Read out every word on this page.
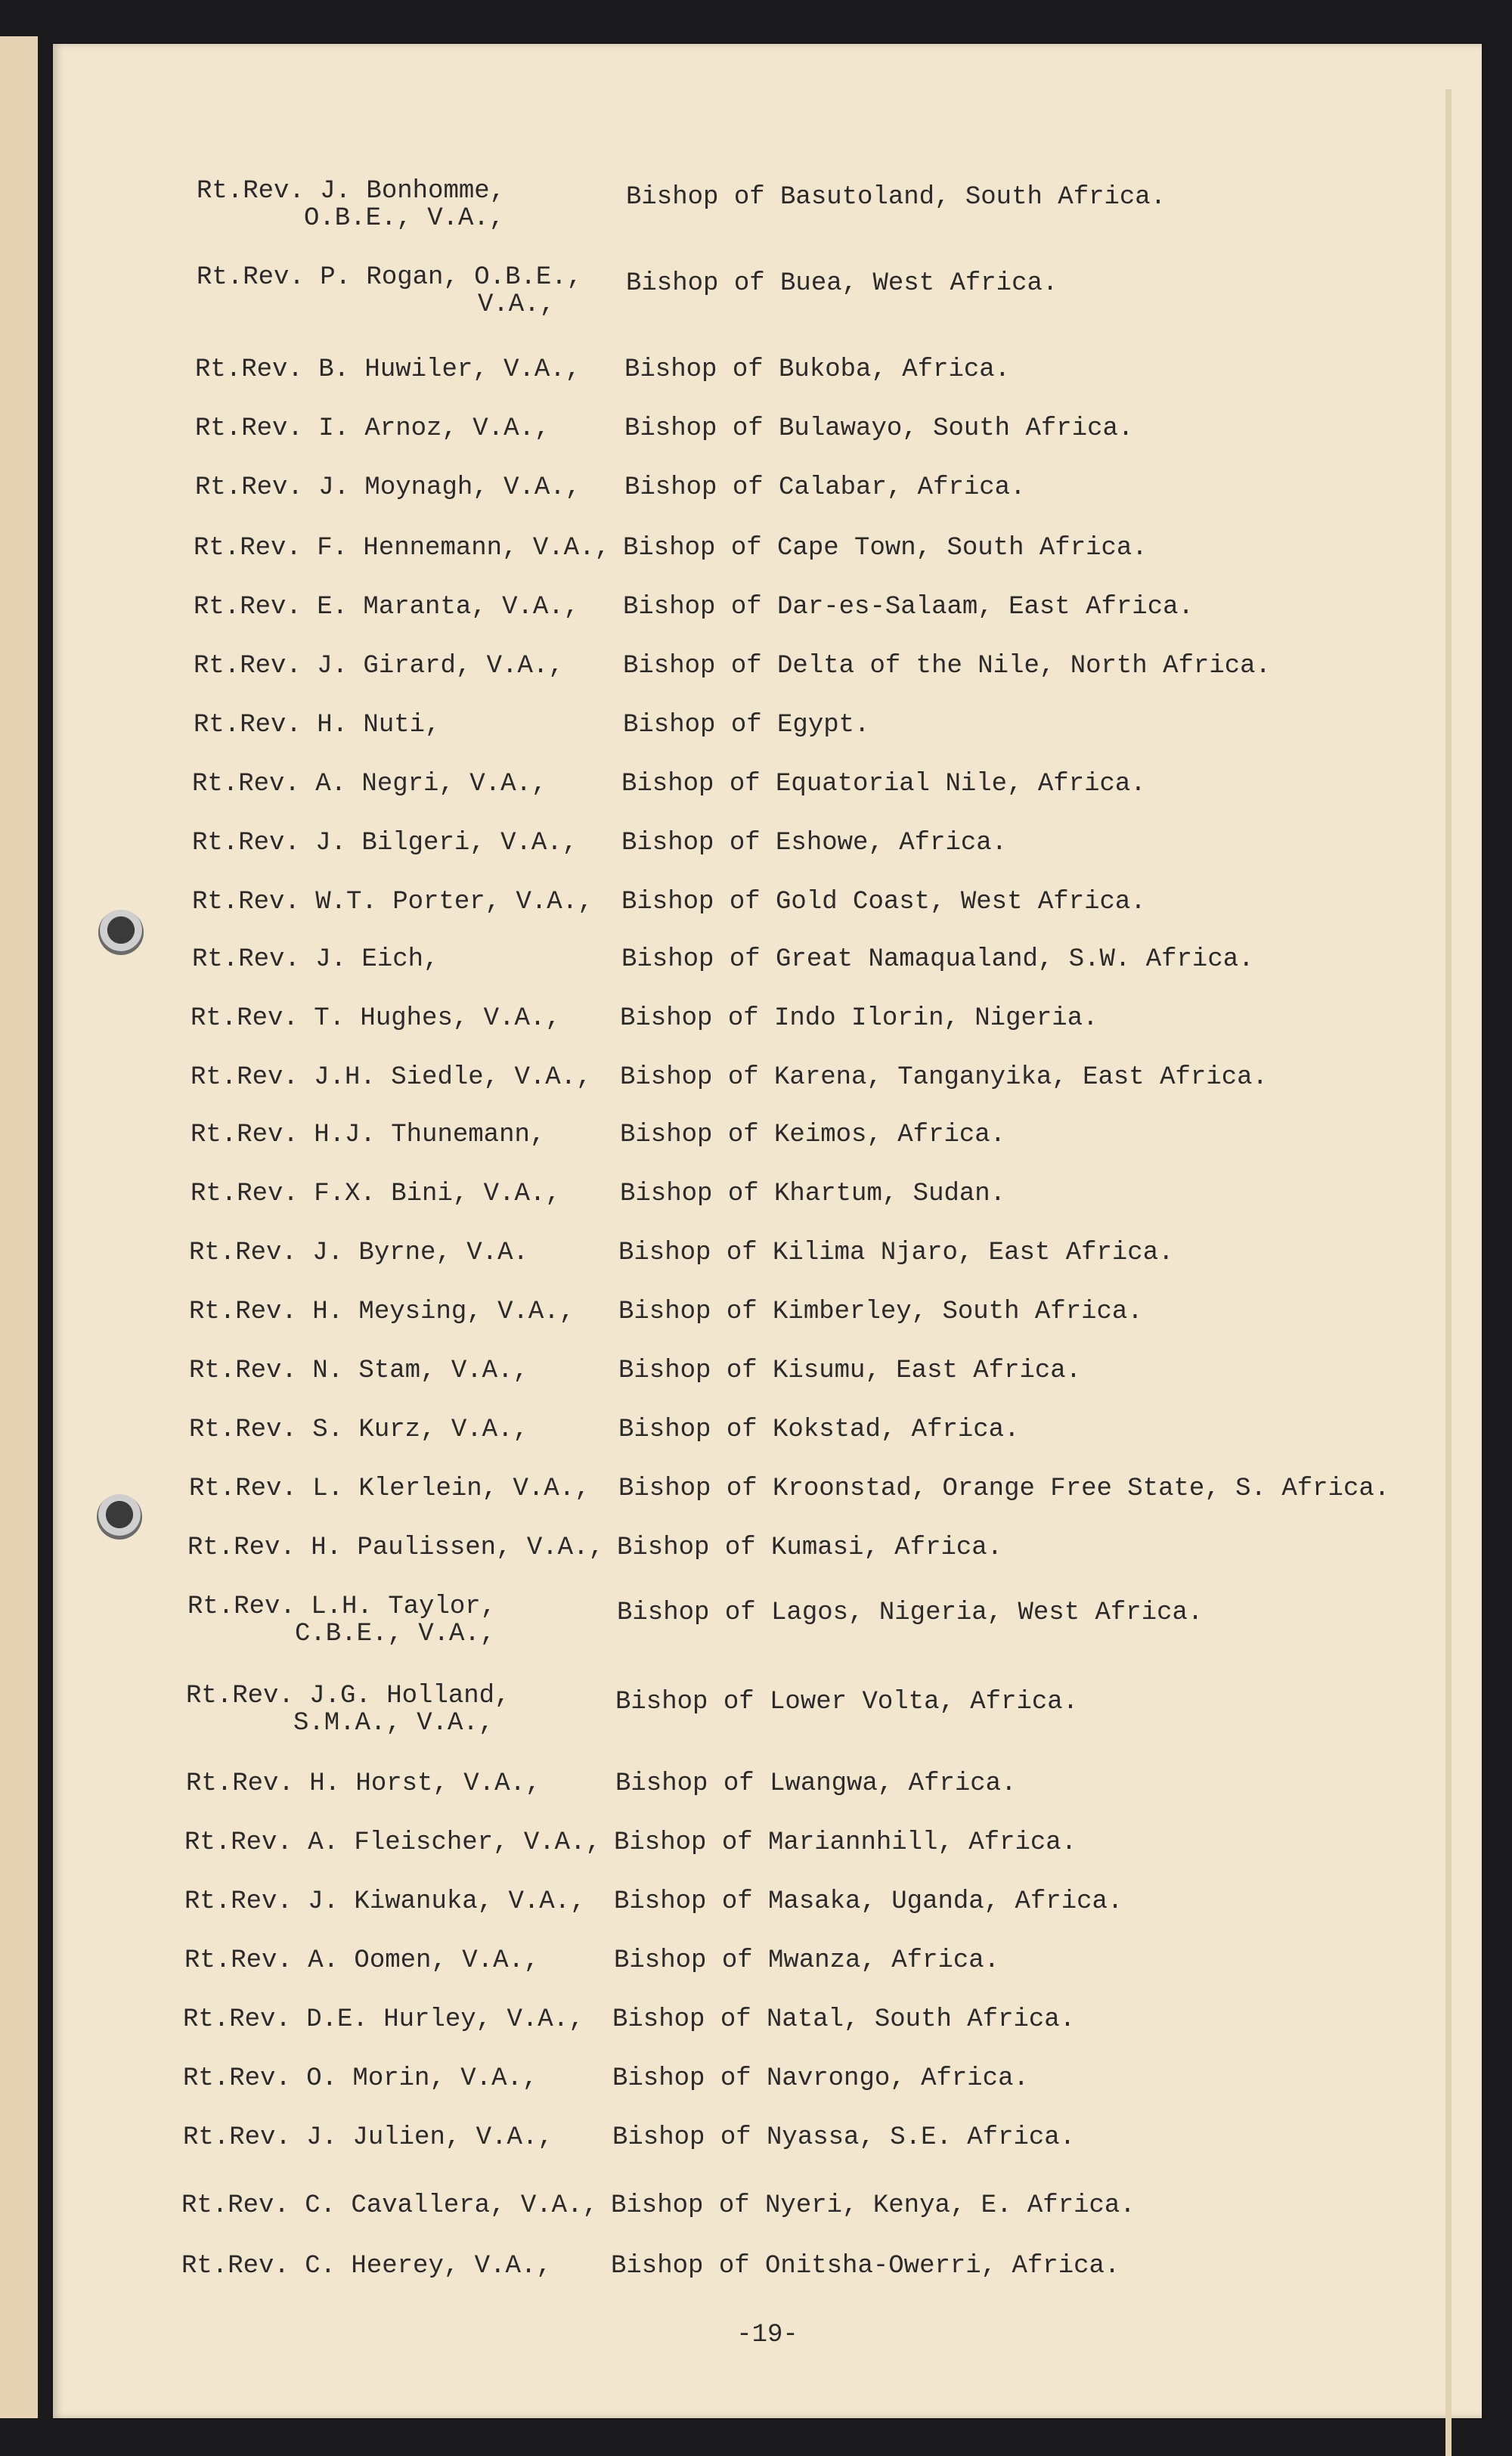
Rt.Rev. J. Bonhomme,
O.B.E., V.A.,
Bishop of Basutoland, South Africa.
Rt.Rev. P. Rogan, O.B.E.,
V.A.,
Bishop of Buea, West Africa.
Rt.Rev. B. Huwiler, V.A., Bishop of Bukoba, Africa.
Rt.Rev. I. Arnoz, V.A.,	Bishop of Bulawayo, South Africa.
Rt.Rev. J. Moynagh, V.A., Bishop of Calabar, Africa.
Rt.Rev. F. Hennemann, V.A., Bishop of Cape Town, South Africa.
Rt.Rev. E. Maranta, V.A., Bishop of Dar-es-Salaam, East Africa.
Rt.Rev. J. Girard, V.A., Bishop of Delta of the Nile, North Africa.
Rt.Rev. H. Nuti,	Bishop of Egypt.
Rt.Rev. A. Negri, V.A.,	Bishop of Equatorial Nile, Africa.
Rt.Rev. J. Bilgeri, V.A., Bishop of Eshowe, Africa.
Rt.Rev. W.T. Porter, V.A., Bishop of Gold Coast, West Africa.
Rt.Rev. J. Eich,	Bishop of Great Namaqualand, S.W. Africa.
Rt.Rev. T. Hughes, V.A., Bishop of Indo Ilorin, Nigeria.
Rt.Rev. J.H. Siedle, V.A., Bishop of Karena, Tanganyika, East Africa.
Rt.Rev. H.J. Thunemann,	Bishop of Keimos, Africa.
Rt.Rev. F.X. Bini, V.A., Bishop of Khartum, Sudan.
Rt.Rev. J. Byrne, V.A.	Bishop of Kilima Njaro, East Africa.
Rt.Rev. H. Meysing, V.A., Bishop of Kimberley, South Africa.
Rt.Rev. N. Stam, V.A.,	Bishop of Kisumu, East Africa.
Rt.Rev. S. Kurz, V.A.,	Bishop of Kokstad, Africa.
Rt.Rev. L. Klerlein, V.A., Bishop of Kroonstad, Orange Free State, S. Africa.
Rt.Rev. H. Paulissen, V.A., Bishop of Kumasi, Africa.
Rt.Rev. L.H. Taylor,
C.B.E., V.A.,
Bishop of Lagos, Nigeria, West Africa.
Rt.Rev. J.G. Holland,
S.M.A., V.A.,
Bishop of Lower Volta, Africa.
Rt.Rev. H. Horst, V.A.,	Bishop of Lwangwa, Africa.
Rt.Rev. A. Fleischer, V.A., Bishop of Mariannhill, Africa.
Rt.Rev. J. Kiwanuka, V.A., Bishop of Masaka, Uganda, Africa.
Rt.Rev. A. Oomen, V.A.,	Bishop of Mwanza, Africa.
Rt.Rev. D.E. Hurley, V.A., Bishop of Natal, South Africa.
Rt.Rev. O. Morin, V.A.,	Bishop of Navrongo, Africa.
Rt.Rev. J. Julien, V.A., Bishop of Nyassa, S.E. Africa.
Rt.Rev. C. Cavallera, V.A., Bishop of Nyeri, Kenya, E. Africa.
Rt.Rev. C. Heerey, V.A., Bishop of Onitsha-Owerri, Africa.
-19-
